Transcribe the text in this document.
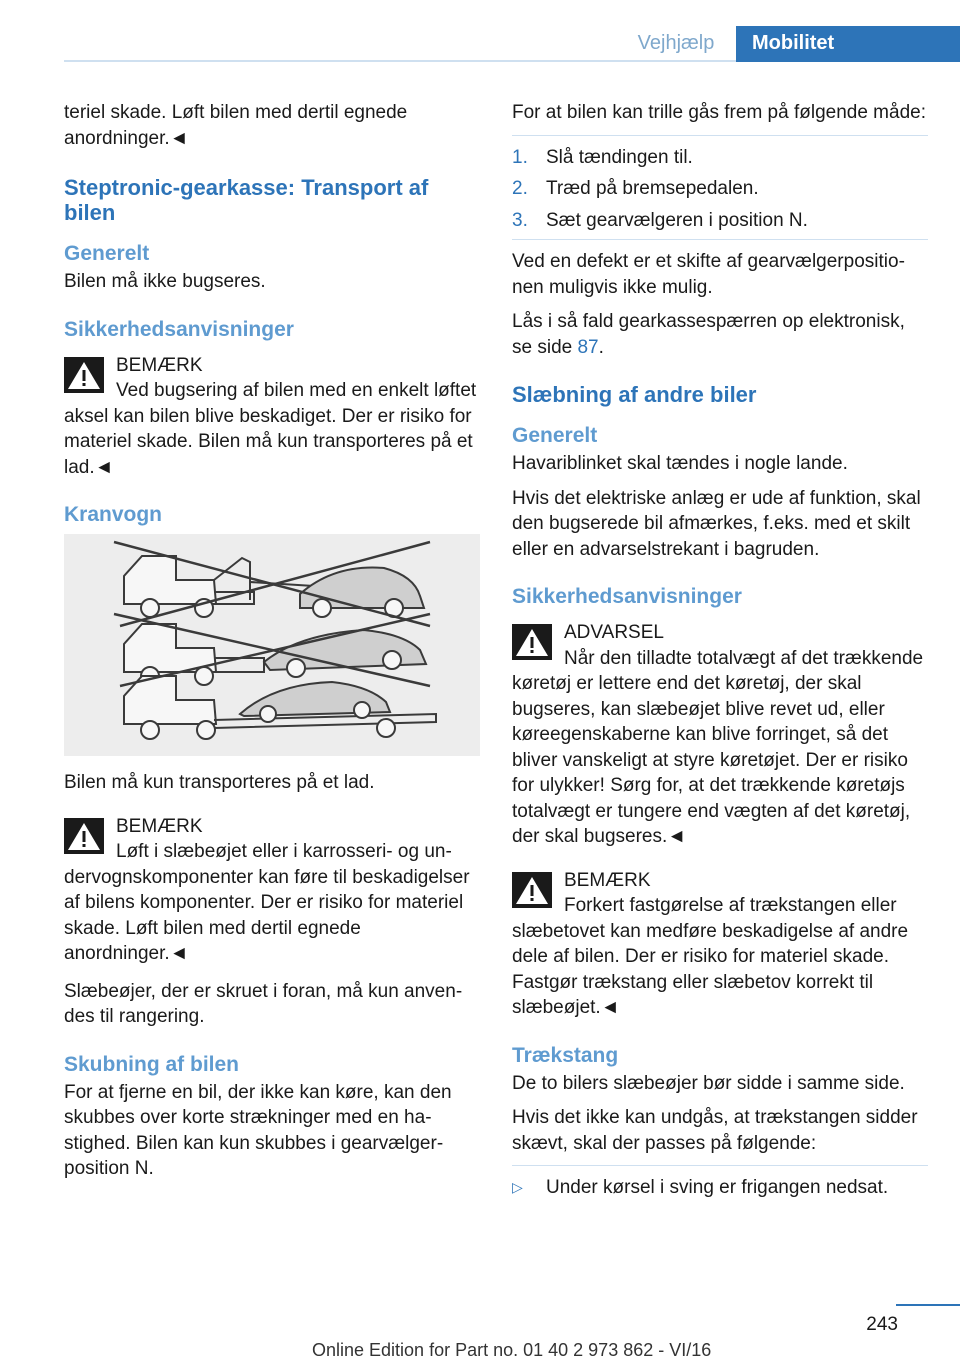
Vejhjælp	Mobilitet

teriel skade. Løft bilen med dertil egnede anordninger.◄

Steptronic-gearkasse: Transport af bilen
Generelt

Bilen må ikke bugseres.

Sikkerhedsanvisninger
BEMÆRK
Ved bugsering af bilen med en enkelt løftet aksel kan bilen blive beskadiget. Der er risiko for materiel skade. Bilen må kun transporteres på et lad.◄
Kranvogn

Bilen må kun transporteres på et lad.

BEMÆRK
Løft i slæbeøjet eller i karrosseri- og undervognskomponenter kan føre til beskadigelser af bilens komponenter. Der er risiko for materiel skade. Løft bilen med dertil egnede anordninger.◄

Slæbeøjer, der er skruet i foran, må kun anvendes til rangering.

Skubning af bilen

For at fjerne en bil, der ikke kan køre, kan den skubbes over korte strækninger med en hastighed. Bilen kan kun skubbes i gearvælgerposition N.

For at bilen kan trille gås frem på følgende måde:

1. Slå tændingen til.
2. Træd på bremsepedalen.
3. Sæt gearvælgeren i position N.

Ved en defekt er et skifte af gearvælgerpositionen muligvis ikke mulig.

Lås i så fald gearkassespærren op elektronisk, se side 87.

Slæbning af andre biler
Generelt

Havariblinket skal tændes i nogle lande.

Hvis det elektriske anlæg er ude af funktion, skal den bugserede bil afmærkes, f.eks. med et skilt eller en advarselstrekant i bagruden.

Sikkerhedsanvisninger
ADVARSEL
Når den tilladte totalvægt af det trækkende køretøj er lettere end det køretøj, der skal bugseres, kan slæbeøjet blive revet ud, eller køreegenskaberne kan blive forringet, så det bliver vanskeligt at styre køretøjet. Der er risiko for ulykker! Sørg for, at det trækkende køretøjs totalvægt er tungere end vægten af det køretøj, der skal bugseres.◄
BEMÆRK
Forkert fastgørelse af trækstangen eller slæbetovet kan medføre beskadigelse af andre dele af bilen. Der er risiko for materiel skade. Fastgør trækstang eller slæbetov korrekt til slæbeøjet.◄
Trækstang

De to bilers slæbeøjer bør sidde i samme side.

Hvis det ikke kan undgås, at trækstangen sidder skævt, skal der passes på følgende:

▷ Under kørsel i sving er frigangen nedsat.
243
Online Edition for Part no. 01 40 2 973 862 - VI/16
